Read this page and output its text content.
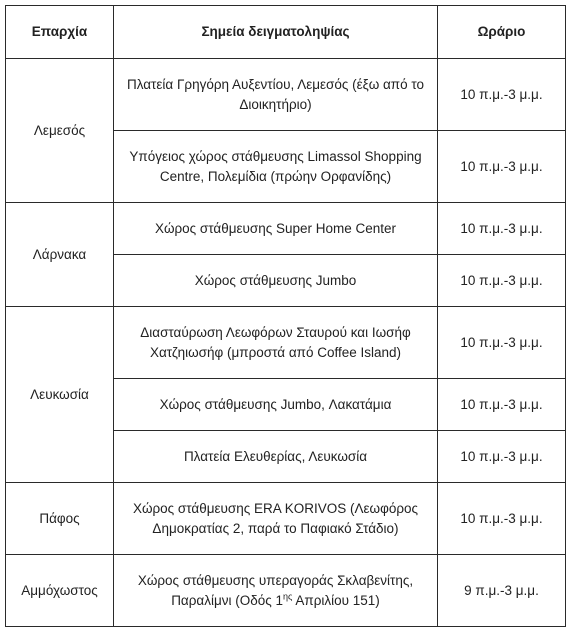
Επαρχία	Σημεία δειγματοληψίας	Ωράριο
Λεμεσός	Πλατεία Γρηγόρη Αυξεντίου, Λεμεσός (έξω από το Διοικητήριο)	10 π.μ.-3 μ.μ.
	Υπόγειος χώρος στάθμευσης Limassol Shopping Centre, Πολεμίδια (πρώην Ορφανίδης)	10 π.μ.-3 μ.μ.
Λάρνακα	Χώρος στάθμευσης Super Home Center	10 π.μ.-3 μ.μ.
	Χώρος στάθμευσης Jumbo	10 π.μ.-3 μ.μ.
Λευκωσία	Διασταύρωση Λεωφόρων Σταυρού και Ιωσήφ Χατζηιωσήφ (μπροστά από Coffee Island)	10 π.μ.-3 μ.μ.
	Χώρος στάθμευσης Jumbo, Λακατάμια	10 π.μ.-3 μ.μ.
	Πλατεία Ελευθερίας, Λευκωσία	10 π.μ.-3 μ.μ.
Πάφος	Χώρος στάθμευσης ERA KORIVOS (Λεωφόρος Δημοκρατίας 2, παρά το Παφιακό Στάδιο)	10 π.μ.-3 μ.μ.
Αμμόχωστος	Χώρος στάθμευσης υπεραγοράς Σκλαβενίτης, Παραλίμνι (Οδός $1^{\eta\varsigma}$ Απριλίου 151)	9 π.μ.-3 μ.μ.
